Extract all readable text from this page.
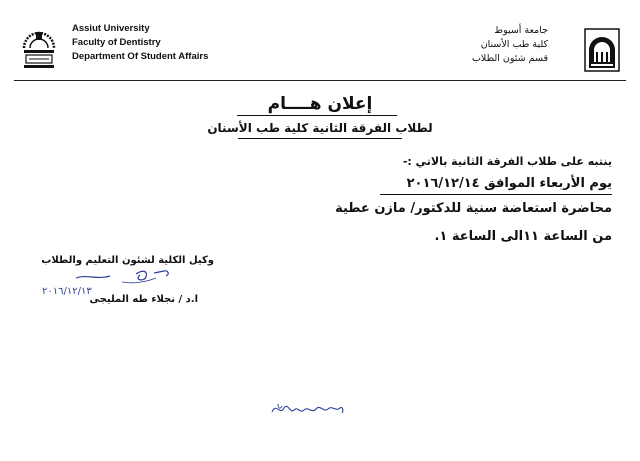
Assiut University
Faculty of Dentistry
Department Of Student Affairs
جامعة أسيوط
كلية طب الأسنان
قسم شئون الطلاب
إعلان هــــام
لطلاب الفرقة الثانية كلية طب الأسنان
ينتبه على طلاب الفرقة الثانية بالاتي :-
يوم الأربعاء الموافق ٢٠١٦/١٢/١٤
محاضرة استعاضة سنية للدكتور/ مازن عطية
من الساعة ١١الى الساعة ١.
وكيل الكلية لشئون التعليم والطلاب
٢٠١٦/١٢/١٣
ا.د / نجلاء طه المليجى
